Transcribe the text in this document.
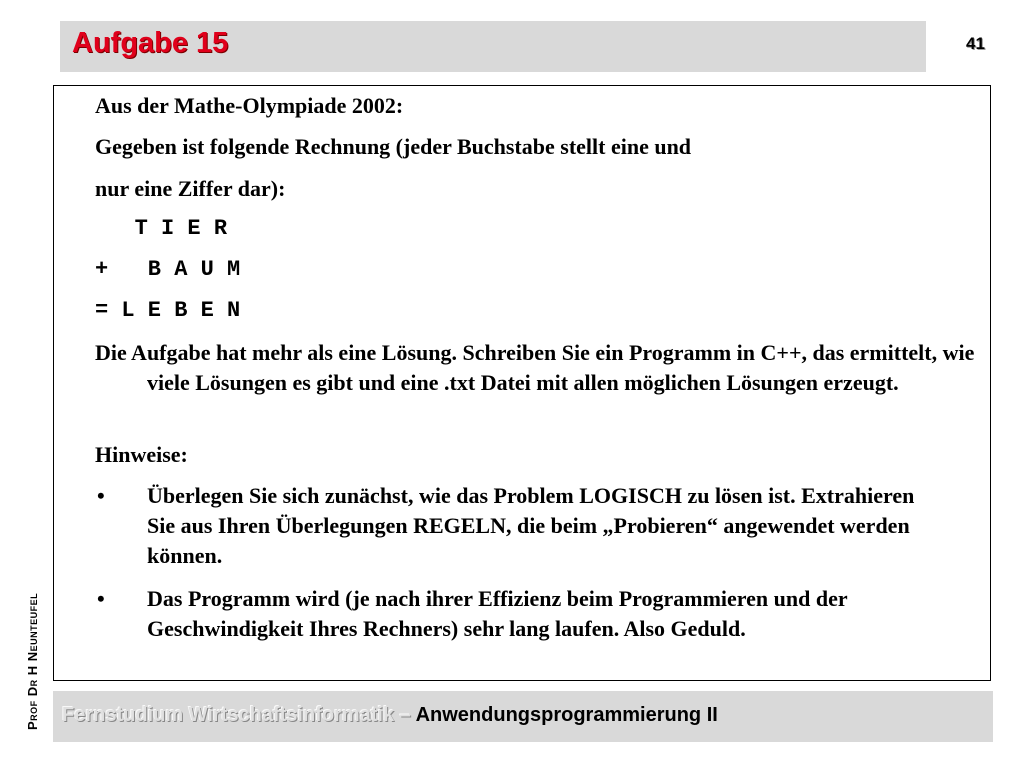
Aufgabe 15	41
Aus der Mathe-Olympiade 2002:
Gegeben ist folgende Rechnung (jeder Buchstabe stellt eine und
nur eine Ziffer dar):
T I E R
+   B A U M
= L E B E N
Die Aufgabe hat mehr als eine Lösung. Schreiben Sie ein Programm in C++, das ermittelt, wie viele Lösungen es gibt und eine .txt Datei mit allen möglichen Lösungen erzeugt.
Hinweise:
• Überlegen Sie sich zunächst, wie das Problem LOGISCH zu lösen ist. Extrahieren Sie aus Ihren Überlegungen REGELN, die beim „Probieren“ angewendet werden können.
• Das Programm wird (je nach ihrer Effizienz beim Programmieren und der Geschwindigkeit Ihres Rechners) sehr lang laufen. Also Geduld.
Prof Dr H Neunteufel Fernstudium Wirtschaftsinformatik – Anwendungsprogrammierung II
